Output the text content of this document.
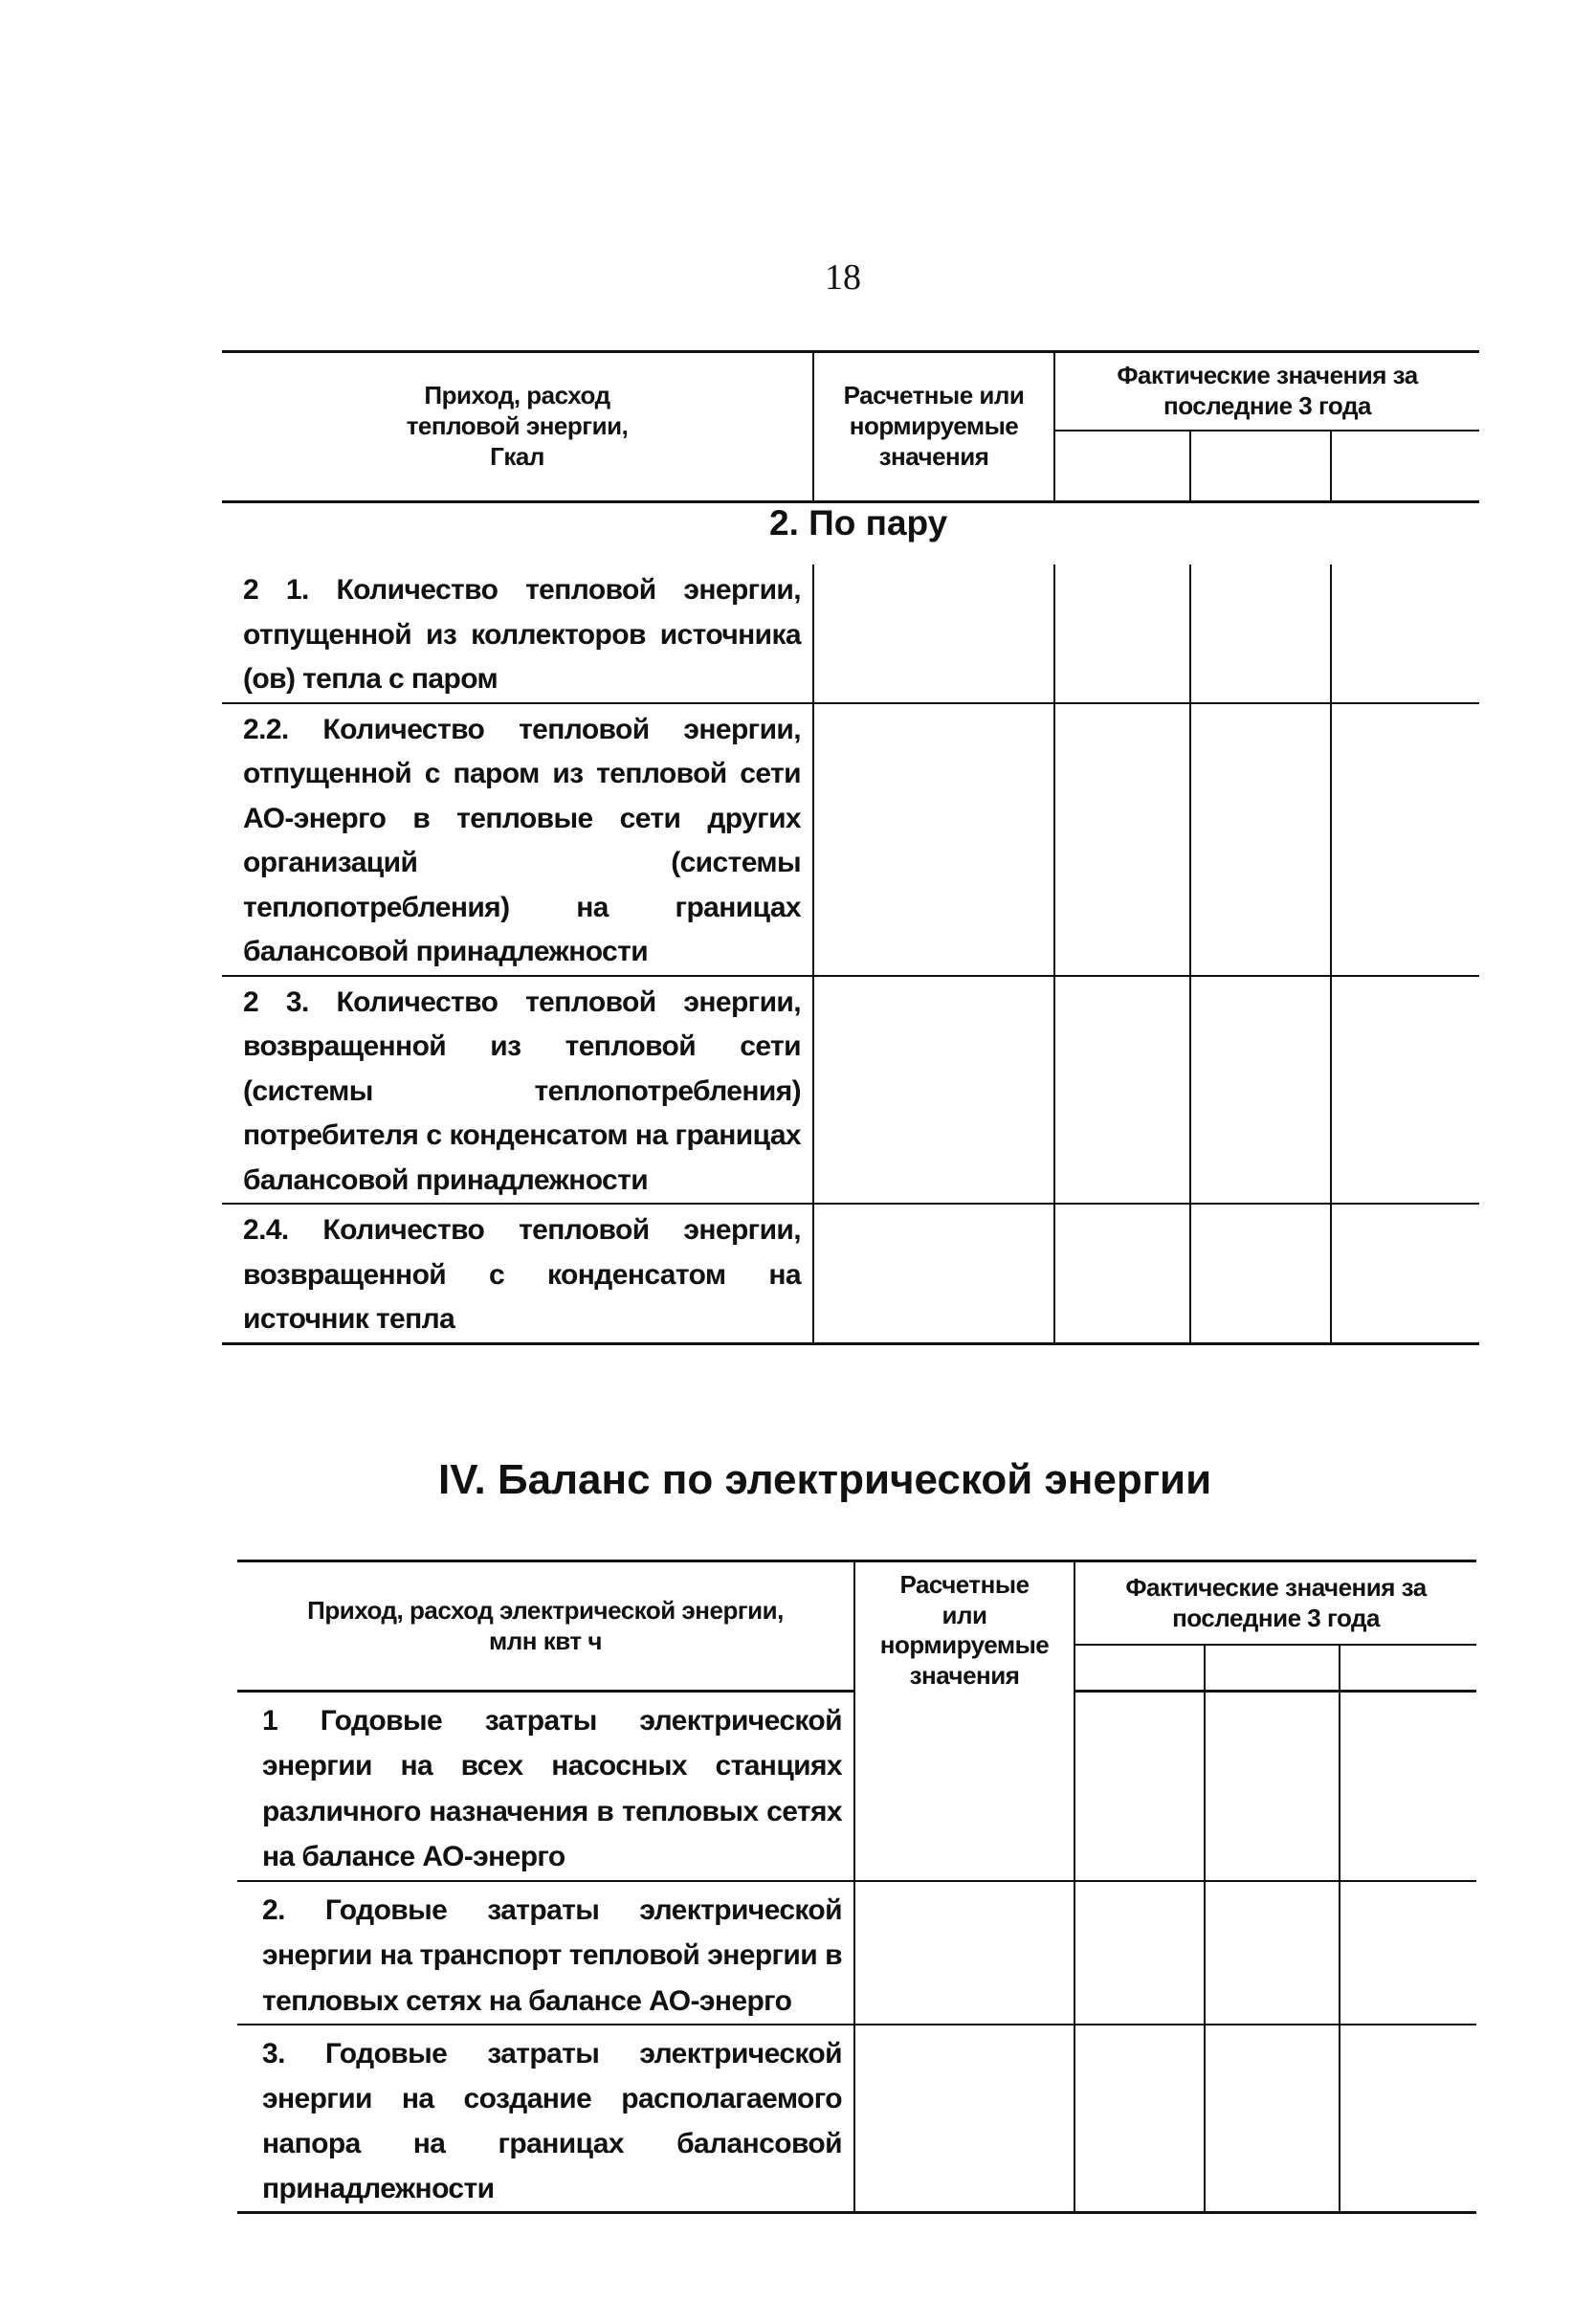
18
Приход, расход тепловой энергии, Гкал	Расчетные или нормируемые значения	Фактические значения за последние 3 года		

2. По пару				
2 1. Количество тепловой энергии, отпущенной из коллекторов источника (ов) тепла с паром				
2.2. Количество тепловой энергии, отпущенной с паром из тепловой сети АО-энерго в тепловые сети других организаций (системы теплопотребления) на границах балансовой принадлежности				
2 3. Количество тепловой энергии, возвращенной из тепловой сети (системы теплопотребления) потребителя с конденсатом на границах балансовой принадлежности				
2.4. Количество тепловой энергии, возвращенной с конденсатом на источник тепла				
IV. Баланс по электрической энергии
Приход, расход электрической энергии, млн квт ч	Расчетные или нормируемые значения	Фактические значения за последние 3 года		

1 Годовые затраты электрической энергии на всех насосных станциях различного назначения в тепловых сетях на балансе АО-энерго				
2. Годовые затраты электрической энергии на транспорт тепловой энергии в тепловых сетях на балансе АО-энерго				
3. Годовые затраты электрической энергии на создание располагаемого напора на границах балансовой принадлежности				
